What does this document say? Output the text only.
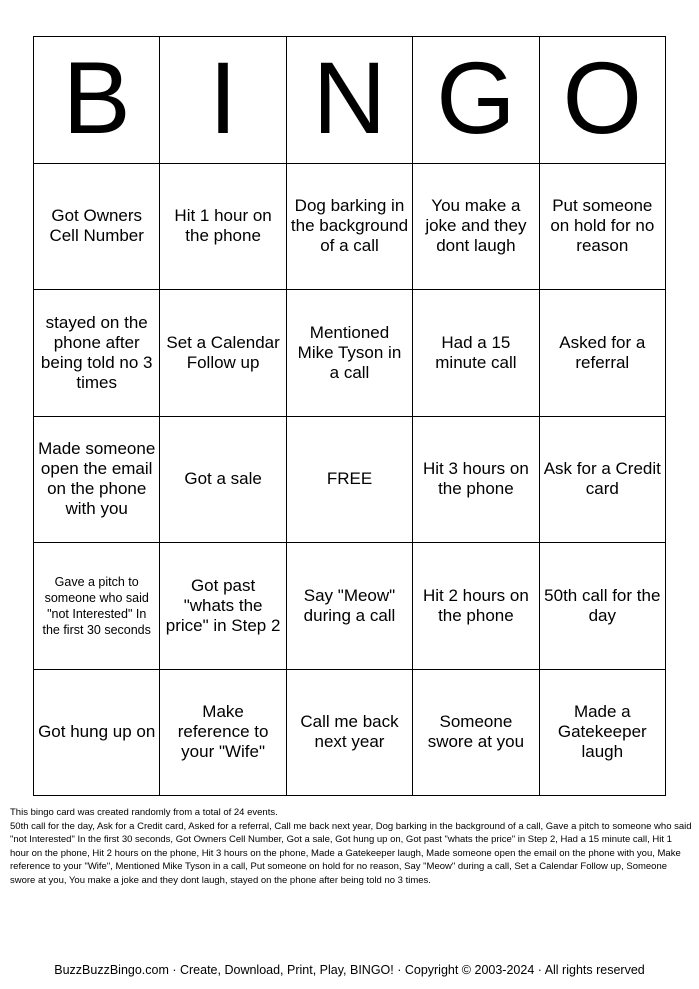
B I N G O
Got Owners Cell Number
Hit 1 hour on the phone
Dog barking in the background of a call
You make a joke and they dont laugh
Put someone on hold for no reason
stayed on the phone after being told no 3 times
Set a Calendar Follow up
Mentioned Mike Tyson in a call
Had a 15 minute call
Asked for a referral
Made someone open the email on the phone with you
Got a sale	FREE
Hit 3 hours on the phone
Ask for a Credit card
Gave a pitch to someone who said "not Interested" In the first 30 seconds
Got past "whats the price" in Step 2
Say "Meow" during a call
Hit 2 hours on the phone
50th call for the day
Got hung up on
Make reference to your "Wife"
Call me back next year
Someone swore at you
Made a Gatekeeper laugh

This bingo card was created randomly from a total of 24 events.

50th call for the day, Ask for a Credit card, Asked for a referral, Call me back next year, Dog barking in the background of a call, Gave a pitch to someone who said "not Interested" In the first 30 seconds, Got Owners Cell Number, Got a sale, Got hung up on, Got past "whats the price" in Step 2, Had a 15 minute call, Hit 1 hour on the phone, Hit 2 hours on the phone, Hit 3 hours on the phone, Made a Gatekeeper laugh, Made someone open the email on the phone with you, Make reference to your "Wife", Mentioned Mike Tyson in a call, Put someone on hold for no reason, Say "Meow" during a call, Set a Calendar Follow up, Someone swore at you, You make a joke and they dont laugh, stayed on the phone after being told no 3 times.

BuzzBuzzBingo.com · Create, Download, Print, Play, BINGO! · Copyright © 2003-2024 · All rights reserved
